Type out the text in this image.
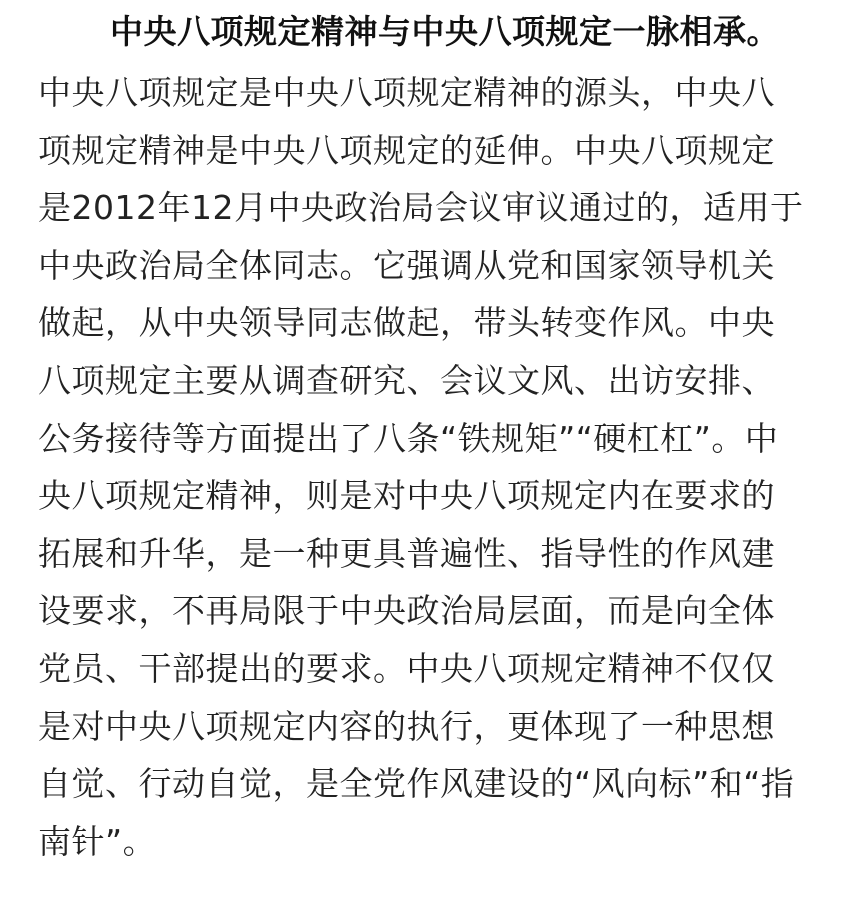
中央八项规定精神与中央八项规定一脉相承。
中央八项规定是中央八项规定精神的源头，中央八
项规定精神是中央八项规定的延伸。中央八项规定
是2012年12月中央政治局会议审议通过的，适用于
中央政治局全体同志。它强调从党和国家领导机关
做起，从中央领导同志做起，带头转变作风。中央
八项规定主要从调查研究、会议文风、出访安排、
公务接待等方面提出了八条“铁规矩”“硬杠杠”。中
央八项规定精神，则是对中央八项规定内在要求的
拓展和升华，是一种更具普遍性、指导性的作风建
设要求，不再局限于中央政治局层面，而是向全体
党员、干部提出的要求。中央八项规定精神不仅仅
是对中央八项规定内容的执行，更体现了一种思想
自觉、行动自觉，是全党作风建设的“风向标”和“指
南针”。
